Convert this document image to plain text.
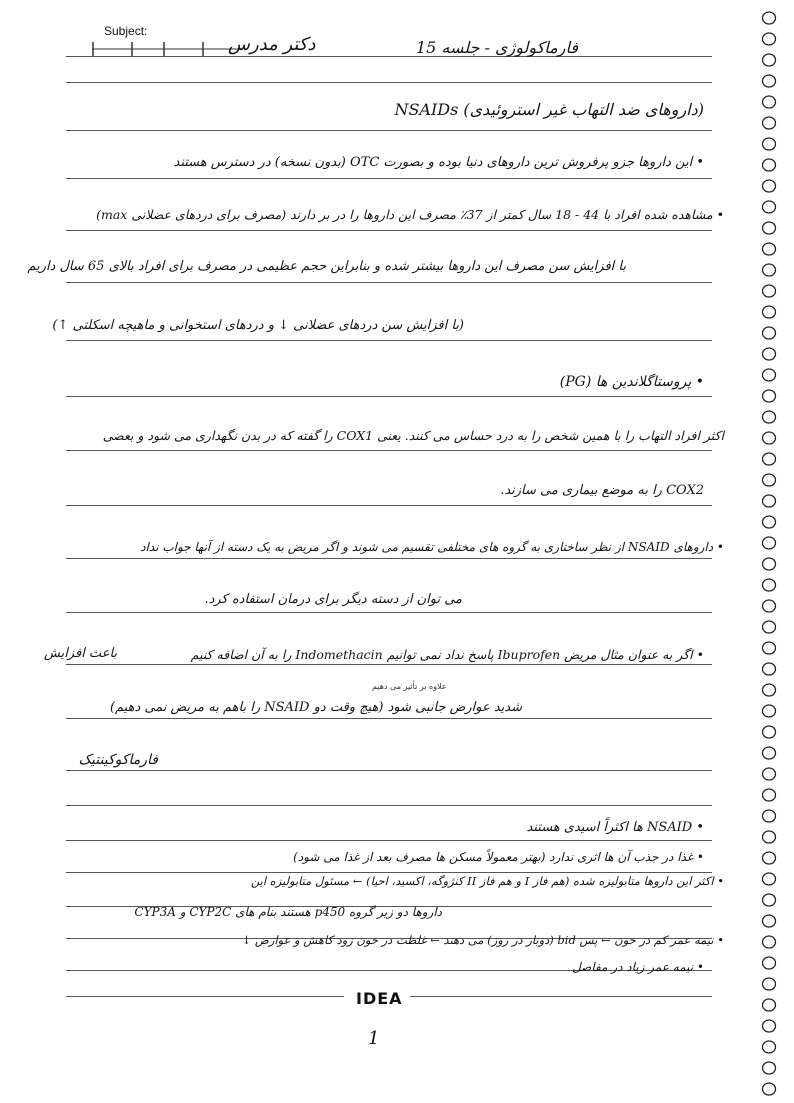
Subject:
فارماکولوژی - جلسه 15
دکتر مدرس
(داروهای ضد التهاب غیر استروئیدی) NSAIDs
• این داروها جزو پرفروش ترین داروهای دنیا بوده و بصورت OTC (بدون نسخه) در دسترس هستند
• مشاهده شده افراد با 44 - 18 سال کمتر از 37٪ مصرف این داروها را در بر دارند (مصرف برای دردهای عضلانی max)
با افزایش سن مصرف این داروها بیشتر شده و بنابراین حجم عظیمی در مصرف برای افراد بالای 65 سال داریم
(با افزایش سن دردهای عضلانی ↓ و دردهای استخوانی و ماهیچه اسکلتی ↑)
• پروستاگلاندین ها (PG)
اکثر افراد التهاب را با همین شخص را به درد حساس می کنند. یعنی COX1 را گفته که در بدن نگهداری می شود و بعضی
COX2 را به موضع بیماری می سازند.
• داروهای NSAID از نظر ساختاری به گروه های مختلفی تقسیم می شوند و اگر مریض به یک دسته از آنها جواب نداد
می توان از دسته دیگر برای درمان استفاده کرد.
• اگر به عنوان مثال مریض Ibuprofen پاسخ نداد نمی توانیم Indomethacin را به آن اضافه کنیم
باعث افزایش
علاوه بر تأثیر می دهیم
شدید عوارض جانبی شود (هیچ وقت دو NSAID را باهم به مریض نمی دهیم)
فارماکوکینتیک
• NSAID ها اکثراً اسیدی هستند
• غذا در جذب آن ها اثری ندارد (بهتر معمولاً مسکن ها مصرف بعد از غذا می شود)
• اکثر این داروها متابولیزه شده (هم فاز I و هم فاز II کنژوگه، اکسید، احیا) ← مسئول متابولیزه این
داروها دو زیر گروه p450 هستند بنام های CYP2C و CYP3A
• نیمه عمر کم در خون ← پس bid (دوبار در روز) می دهند ← غلظت در خون زود کاهش و عوارض ↓
• نیمه عمر زیاد در مفاصل
IDEA
1
